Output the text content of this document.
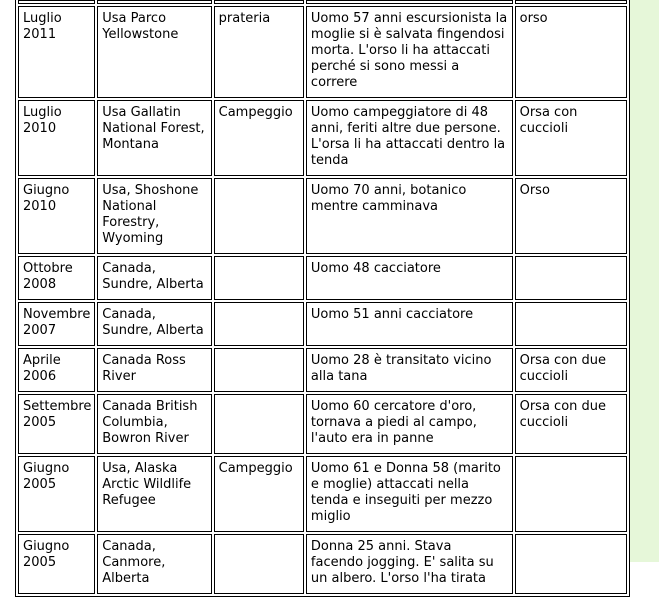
Luglio 2011	Usa Parco Yellowstone	prateria	Uomo 57 anni escursionista la moglie si è salvata fingendosi morta. L'orso li ha attaccati perché si sono messi a correre	orso
Luglio 2010	Usa Gallatin National Forest, Montana	Campeggio	Uomo campeggiatore di 48 anni, feriti altre due persone. L'orsa li ha attaccati dentro la tenda	Orsa con cuccioli
Giugno 2010	Usa, Shoshone National Forestry, Wyoming		Uomo 70 anni, botanico mentre camminava	Orso
Ottobre 2008	Canada, Sundre, Alberta		Uomo 48 cacciatore	
Novembre 2007	Canada, Sundre, Alberta		Uomo 51 anni cacciatore	
Aprile 2006	Canada Ross River		Uomo 28 è transitato vicino alla tana	Orsa con due cuccioli
Settembre 2005	Canada British Columbia, Bowron River		Uomo 60 cercatore d'oro, tornava a piedi al campo, l'auto era in panne	Orsa con due cuccioli
Giugno 2005	Usa, Alaska Arctic Wildlife Refugee	Campeggio	Uomo 61 e Donna 58 (marito e moglie) attaccati nella tenda e inseguiti per mezzo miglio	
Giugno 2005	Canada, Canmore, Alberta		Donna 25 anni. Stava facendo jogging. E' salita su un albero. L'orso l'ha tirata	
